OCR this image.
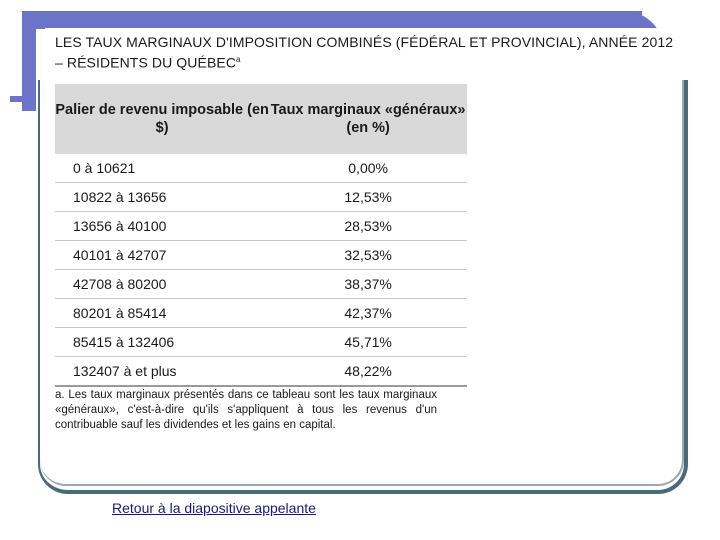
LES TAUX MARGINAUX D'IMPOSITION COMBINÉS (FÉDÉRAL ET PROVINCIAL), ANNÉE 2012 – RÉSIDENTS DU QUÉBEC$^a$
Palier de revenu imposable (en $)	Taux marginaux «généraux» (en %)
0 à 10621	0,00%
10822 à 13656	12,53%
13656 à 40100	28,53%
40101 à 42707	32,53%
42708 à 80200	38,37%
80201 à 85414	42,37%
85415 à 132406	45,71%
132407 à et plus	48,22%
a. Les taux marginaux présentés dans ce tableau sont les taux marginaux «généraux», c'est-à-dire qu'ils s'appliquent à tous les revenus d'un contribuable sauf les dividendes et les gains en capital.
Retour à la diapositive appelante
